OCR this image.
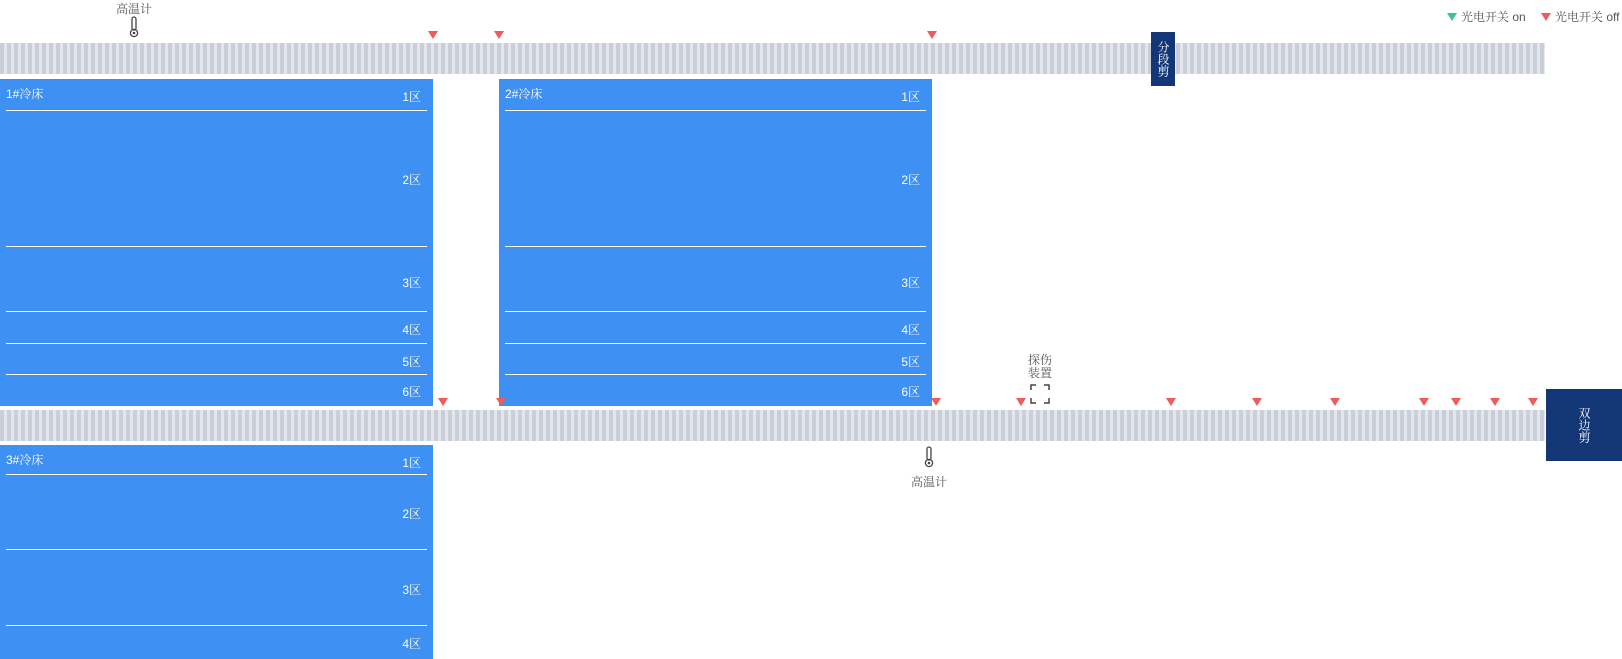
光电开关 on 光电开关 off
高温计
分段剪
1#冷床	1区
2区
3区
4区
5区
6区
2#冷床	1区
2区
3区
4区
5区
6区
探伤
装置
双边剪
高温计
3#冷床	1区
2区
3区
4区
